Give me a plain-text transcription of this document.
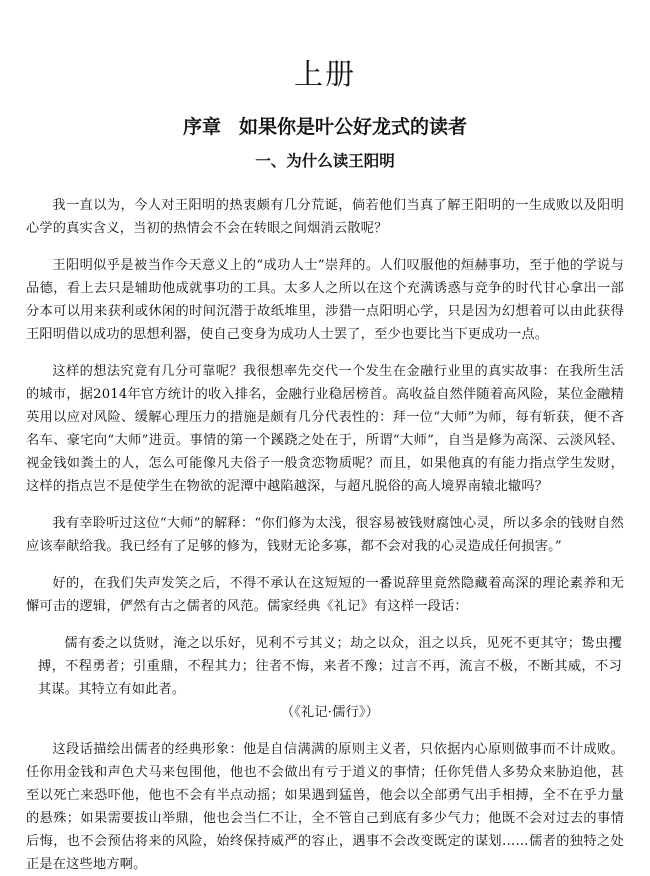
上册
序章 如果你是叶公好龙式的读者
一、为什么读王阳明

我一直以为，今人对王阳明的热衷颇有几分荒诞，倘若他们当真了解王阳明的一生成败以及阳明心学的真实含义，当初的热情会不会在转眼之间烟消云散呢？

王阳明似乎是被当作今天意义上的“成功人士”崇拜的。人们叹服他的烜赫事功，至于他的学说与品德，看上去只是辅助他成就事功的工具。太多人之所以在这个充满诱惑与竞争的时代甘心拿出一部分本可以用来获利或休闲的时间沉潜于故纸堆里，涉猎一点阳明心学，只是因为幻想着可以由此获得王阳明借以成功的思想利器，使自己变身为成功人士罢了，至少也要比当下更成功一点。

这样的想法究竟有几分可靠呢？我很想率先交代一个发生在金融行业里的真实故事：在我所生活的城市，据2014年官方统计的收入排名，金融行业稳居榜首。高收益自然伴随着高风险，某位金融精英用以应对风险、缓解心理压力的措施是颇有几分代表性的：拜一位“大师”为师，每有斩获，便不吝名车、豪宅向“大师”进贡。事情的第一个蹊跷之处在于，所谓“大师”，自当是修为高深、云淡风轻、视金钱如粪土的人，怎么可能像凡夫俗子一般贪恋物质呢？而且，如果他真的有能力指点学生发财，这样的指点岂不是使学生在物欲的泥潭中越陷越深，与超凡脱俗的高人境界南辕北辙吗？

我有幸聆听过这位“大师”的解释：“你们修为太浅，很容易被钱财腐蚀心灵，所以多余的钱财自然应该奉献给我。我已经有了足够的修为，钱财无论多寡，都不会对我的心灵造成任何损害。”

好的，在我们失声发笑之后，不得不承认在这短短的一番说辞里竟然隐藏着高深的理论素养和无懈可击的逻辑，俨然有古之儒者的风范。儒家经典《礼记》有这样一段话：

儒有委之以货财，淹之以乐好，见利不亏其义；劫之以众，沮之以兵，见死不更其守；鸷虫攫搏，不程勇者；引重鼎，不程其力；往者不悔，来者不豫；过言不再，流言不极，不断其威，不习其谋。其特立有如此者。
（《礼记·儒行》）

这段话描绘出儒者的经典形象：他是自信满满的原则主义者，只依据内心原则做事而不计成败。任你用金钱和声色犬马来包围他，他也不会做出有亏于道义的事情；任你凭借人多势众来胁迫他，甚至以死亡来恐吓他，他也不会有半点动摇；如果遇到猛兽，他会以全部勇气出手相搏，全不在乎力量的悬殊；如果需要拔山举鼎，他也会当仁不让，全不管自己到底有多少气力；他既不会对过去的事情后悔，也不会预估将来的风险，始终保持威严的容止，遇事不会改变既定的谋划……儒者的独特之处正是在这些地方啊。
